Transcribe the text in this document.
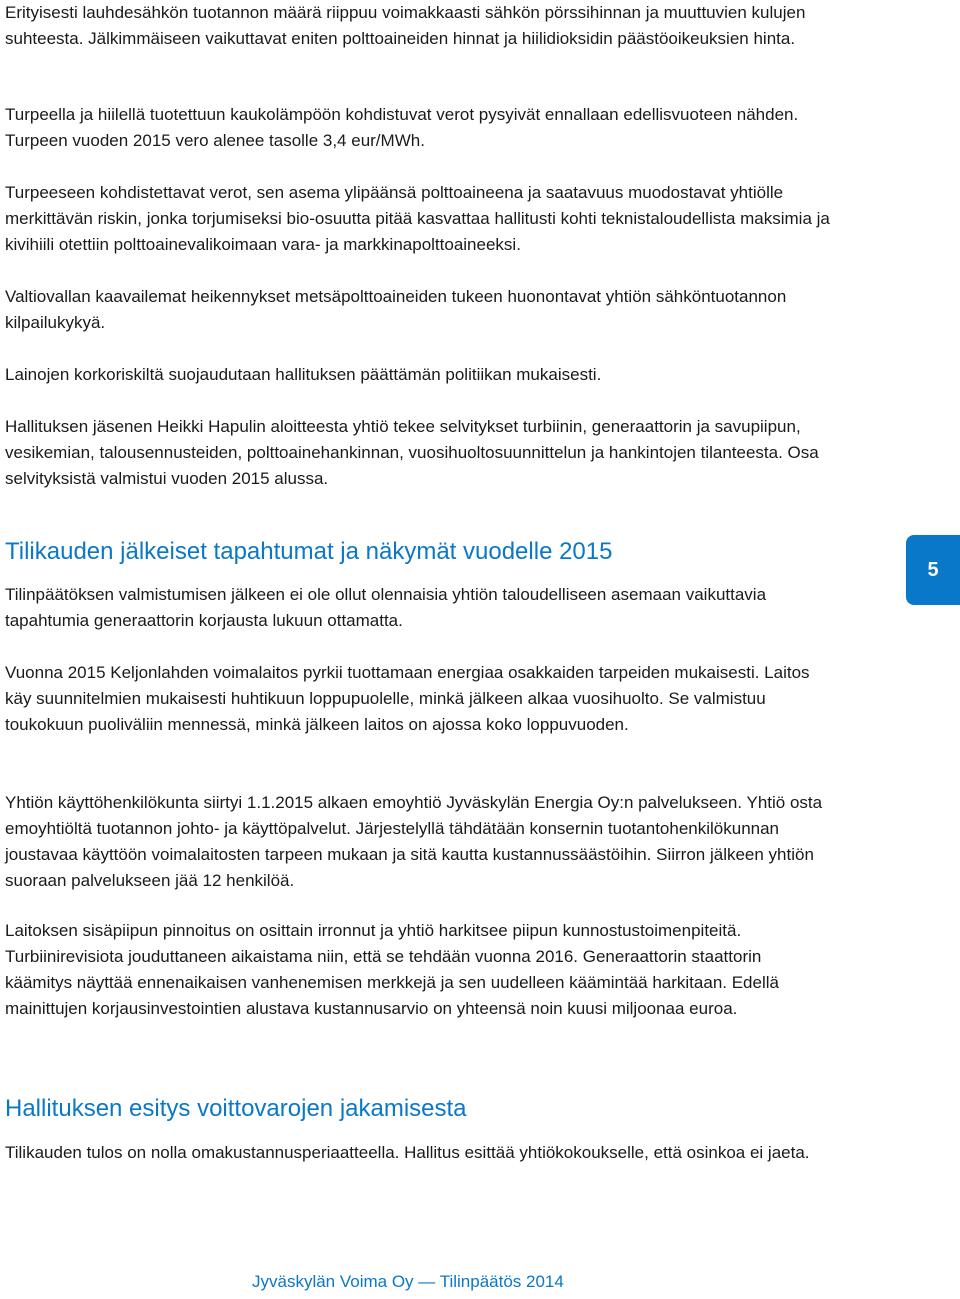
Erityisesti lauhdesähkön tuotannon määrä riippuu voimakkaasti sähkön pörssihinnan ja muuttuvien kulujen suhteesta. Jälkimmäiseen vaikuttavat eniten polttoaineiden hinnat ja hiilidioksidin päästöoikeuksien hinta.

Turpeella ja hiilellä tuotettuun kaukolämpöön kohdistuvat verot pysyivät ennallaan edellisvuoteen nähden. Turpeen vuoden 2015 vero alenee tasolle 3,4 eur/MWh.

Turpeeseen kohdistettavat verot, sen asema ylipäänsä polttoaineena ja saatavuus muodostavat yhtiölle merkittävän riskin, jonka torjumiseksi bio-osuutta pitää kasvattaa hallitusti kohti teknistaloudellista maksimia ja kivihiili otettiin polttoainevalikoimaan vara- ja markkinapolttoaineeksi.

Valtiovallan kaavailemat heikennykset metsäpolttoaineiden tukeen huonontavat yhtiön sähköntuotannon kilpailukykyä.

Lainojen korkoriskiltä suojaudutaan hallituksen päättämän politiikan mukaisesti.

Hallituksen jäsenen Heikki Hapulin aloitteesta yhtiö tekee selvitykset turbiinin, generaattorin ja savupiipun, vesikemian, talousennusteiden, polttoainehankinnan, vuosihuoltosuunnittelun ja hankintojen tilanteesta. Osa selvityksistä valmistui vuoden 2015 alussa.

Tilikauden jälkeiset tapahtumat ja näkymät vuodelle 2015

Tilinpäätöksen valmistumisen jälkeen ei ole ollut olennaisia yhtiön taloudelliseen asemaan vaikuttavia tapahtumia generaattorin korjausta lukuun ottamatta.

Vuonna 2015 Keljonlahden voimalaitos pyrkii tuottamaan energiaa osakkaiden tarpeiden mukaisesti. Laitos käy suunnitelmien mukaisesti huhtikuun loppupuolelle, minkä jälkeen alkaa vuosihuolto. Se valmistuu toukokuun puoliväliin mennessä, minkä jälkeen laitos on ajossa koko loppuvuoden.

Yhtiön käyttöhenkilökunta siirtyi 1.1.2015 alkaen emoyhtiö Jyväskylän Energia Oy:n palvelukseen. Yhtiö osta emoyhtiöltä tuotannon johto- ja käyttöpalvelut. Järjestelyllä tähdätään konsernin tuotantohenkilökunnan joustavaa käyttöön voimalaitosten tarpeen mukaan ja sitä kautta kustannussäästöihin. Siirron jälkeen yhtiön suoraan palvelukseen jää 12 henkilöä.

Laitoksen sisäpiipun pinnoitus on osittain irronnut ja yhtiö harkitsee piipun kunnostustoimenpiteitä. Turbiinirevisiota jouduttaneen aikaistama niin, että se tehdään vuonna 2016. Generaattorin staattorin käämitys näyttää ennenaikaisen vanhenemisen merkkejä ja sen uudelleen käämintää harkitaan. Edellä mainittujen korjausinvestointien alustava kustannusarvio on yhteensä noin kuusi miljoonaa euroa.

Hallituksen esitys voittovarojen jakamisesta

Tilikauden tulos on nolla omakustannusperiaatteella. Hallitus esittää yhtiökokoukselle, että osinkoa ei jaeta.

5
Jyväskylän Voima Oy — Tilinpäätös 2014
